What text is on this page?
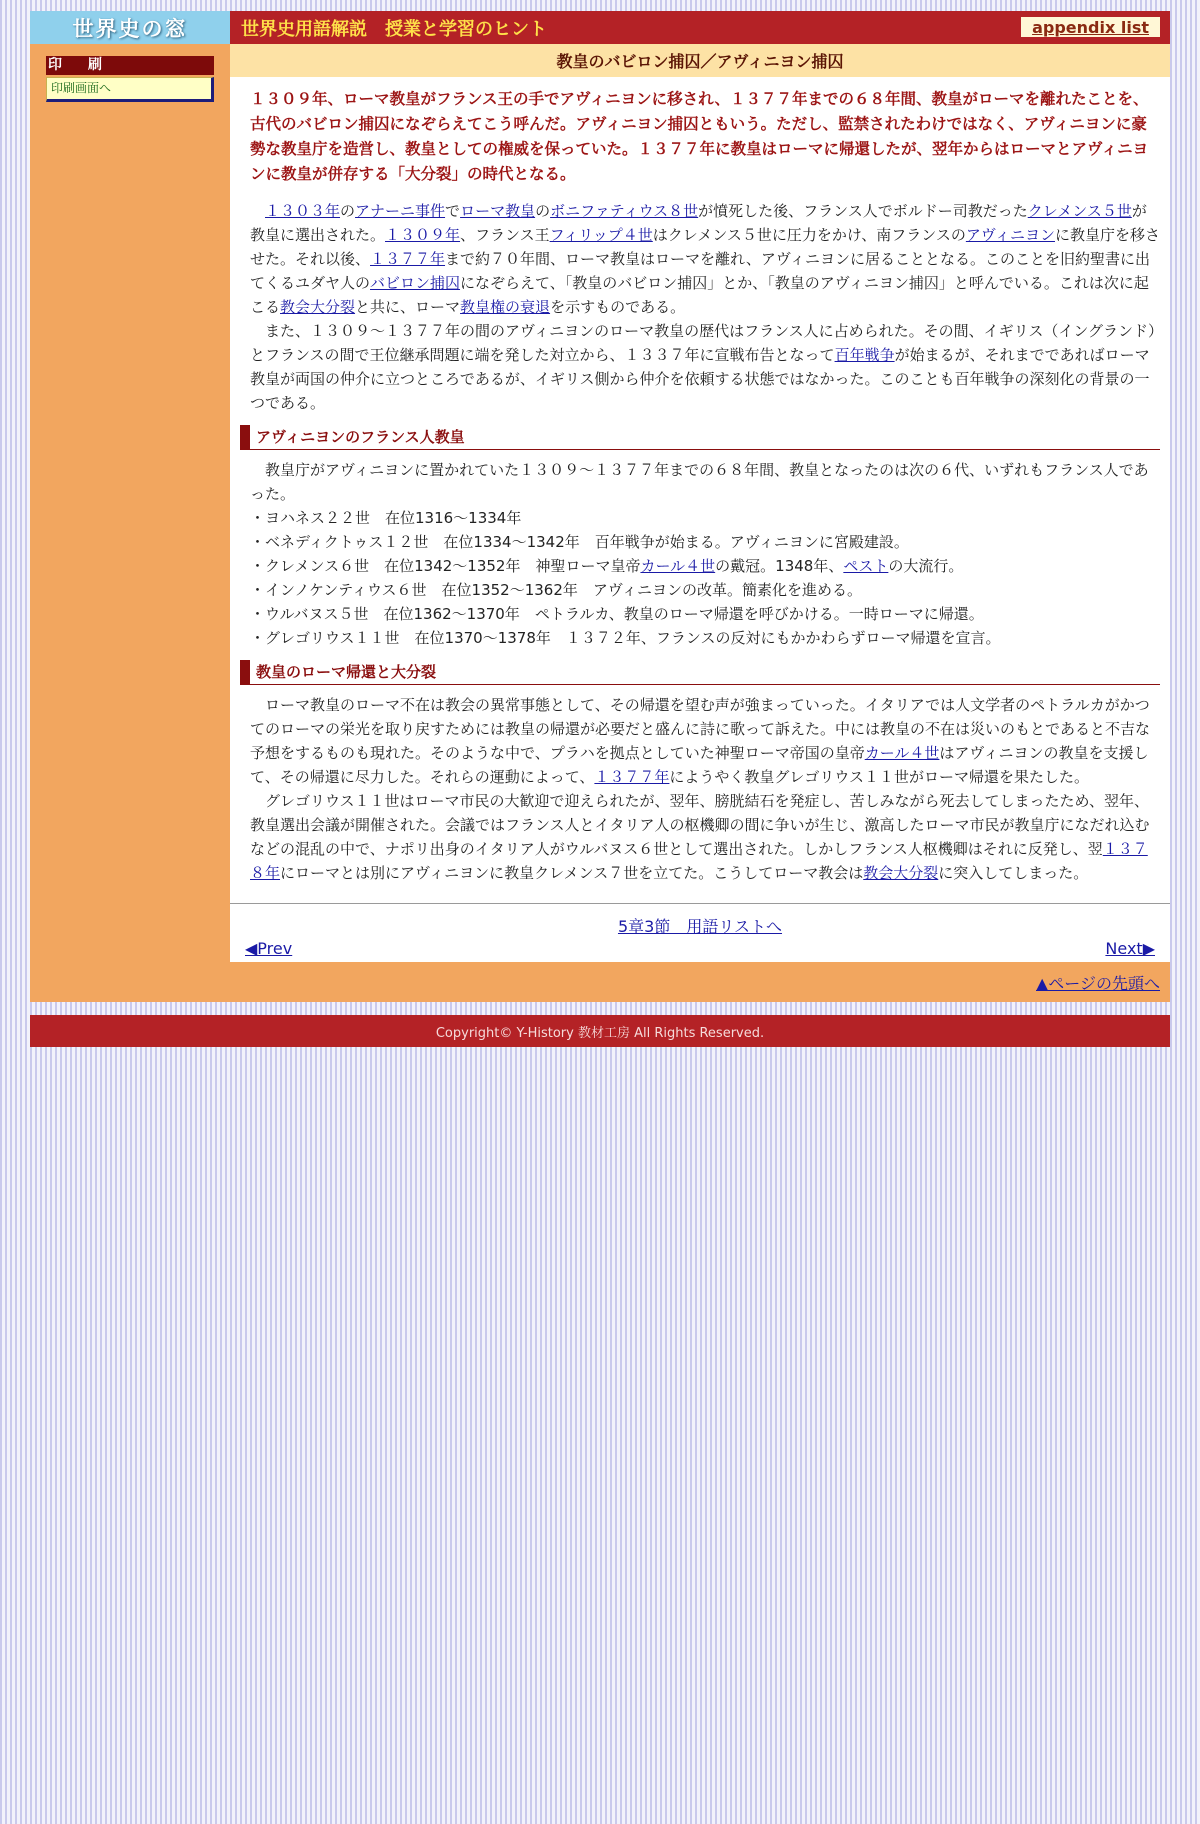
世界史の窓	世界史用語解説　授業と学習のヒント	appendix list
印　刷
印刷画面へ
教皇のバビロン捕囚／アヴィニヨン捕囚

１３０９年、ローマ教皇がフランス王の手でアヴィニヨンに移され、１３７７年までの６８年間、教皇がローマを離れたことを、古代のバビロン捕囚になぞらえてこう呼んだ。アヴィニヨン捕囚ともいう。ただし、監禁されたわけではなく、アヴィニヨンに豪勢な教皇庁を造営し、教皇としての権威を保っていた。１３７７年に教皇はローマに帰還したが、翌年からはローマとアヴィニヨンに教皇が併存する「大分裂」の時代となる。

１３０３年のアナーニ事件でローマ教皇のボニファティウス８世が憤死した後、フランス人でボルドー司教だったクレメンス５世が教皇に選出された。１３０９年、フランス王フィリップ４世はクレメンス５世に圧力をかけ、南フランスのアヴィニヨンに教皇庁を移させた。それ以後、１３７７年まで約７０年間、ローマ教皇はローマを離れ、アヴィニヨンに居ることとなる。このことを旧約聖書に出てくるユダヤ人のバビロン捕囚になぞらえて、「教皇のバビロン捕囚」とか、「教皇のアヴィニヨン捕囚」と呼んでいる。これは次に起こる教会大分裂と共に、ローマ教皇権の衰退を示すものである。

また、１３０９～１３７７年の間のアヴィニヨンのローマ教皇の歴代はフランス人に占められた。その間、イギリス（イングランド）とフランスの間で王位継承問題に端を発した対立から、１３３７年に宣戦布告となって百年戦争が始まるが、それまでであればローマ教皇が両国の仲介に立つところであるが、イギリス側から仲介を依頼する状態ではなかった。このことも百年戦争の深刻化の背景の一つである。

アヴィニヨンのフランス人教皇

教皇庁がアヴィニヨンに置かれていた１３０９～１３７７年までの６８年間、教皇となったのは次の６代、いずれもフランス人であった。

・ヨハネス２２世　在位1316～1334年
・ベネディクトゥス１２世　在位1334～1342年　百年戦争が始まる。アヴィニヨンに宮殿建設。
・クレメンス６世　在位1342～1352年　神聖ローマ皇帝カール４世の戴冠。1348年、ペストの大流行。
・インノケンティウス６世　在位1352～1362年　アヴィニヨンの改革。簡素化を進める。
・ウルバヌス５世　在位1362～1370年　ペトラルカ、教皇のローマ帰還を呼びかける。一時ローマに帰還。
・グレゴリウス１１世　在位1370～1378年　１３７２年、フランスの反対にもかかわらずローマ帰還を宣言。
教皇のローマ帰還と大分裂

ローマ教皇のローマ不在は教会の異常事態として、その帰還を望む声が強まっていった。イタリアでは人文学者のペトラルカがかつてのローマの栄光を取り戻すためには教皇の帰還が必要だと盛んに詩に歌って訴えた。中には教皇の不在は災いのもとであると不吉な予想をするものも現れた。そのような中で、プラハを拠点としていた神聖ローマ帝国の皇帝カール４世はアヴィニヨンの教皇を支援して、その帰還に尽力した。それらの運動によって、１３７７年にようやく教皇グレゴリウス１１世がローマ帰還を果たした。

グレゴリウス１１世はローマ市民の大歓迎で迎えられたが、翌年、膀胱結石を発症し、苦しみながら死去してしまったため、翌年、教皇選出会議が開催された。会議ではフランス人とイタリア人の枢機卿の間に争いが生じ、激高したローマ市民が教皇庁になだれ込むなどの混乱の中で、ナポリ出身のイタリア人がウルバヌス６世として選出された。しかしフランス人枢機卿はそれに反発し、翌１３７８年にローマとは別にアヴィニヨンに教皇クレメンス７世を立てた。こうしてローマ教会は教会大分裂に突入してしまった。

5章3節　用語リストへ
◀Prev	Next▶
▲ページの先頭へ
Copyright© Y-History 教材工房 All Rights Reserved.
